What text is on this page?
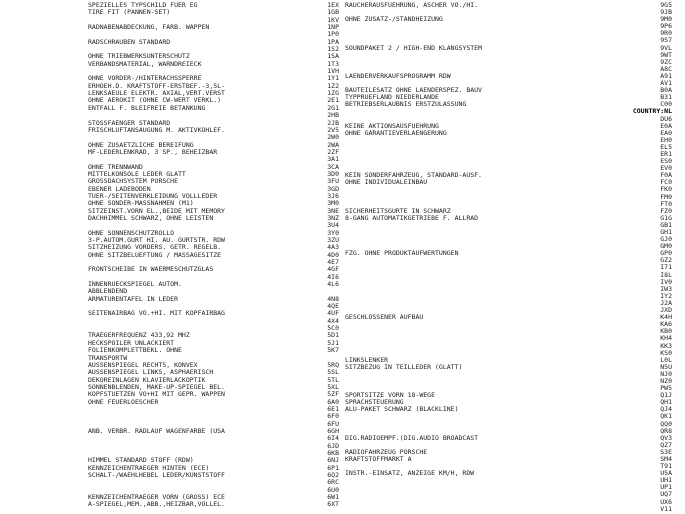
SPEZIELLES TYPSCHILD FUER EG	1EX
TIRE FIT (PANNEN-SET)	1GB
1KV
RADNABENABDECKUNG, FARB. WAPPEN	1NP
1P0
RADSCHRAUBEN STANDARD	1PA
1S2
OHNE TRIEBWERKSUNTERSCHUTZ	1SA
VERBANDSMATERIAL, WARNDREIECK	1T3
1VH
OHNE VORDER-/HINTERACHSSPERRE	1Y1
ERHOEH.D. KRAFTSTOFF-ERSTBEF.-3,5L-	1Z2
LENKSAEULE ELEKTR. AXIAL,VERT.VERST	1ZG
OHNE AEROKIT (OHNE CW-WERT VERKL.)	2E1
ENTFALL F. BLEIFREIE BETANKUNG	2G1
2HB
STOSSFAENGER STANDARD	2JB
FRISCHLUFTANSAUGUNG M. AKTIVKOHLEF.	2V5
2W0
OHNE ZUSAETZLICHE BEREIFUNG	2WA
MF-LEDERLENKRAD, 3 SP., BEHEIZBAR	2ZF
3A1
OHNE TRENNWAND	3CA
MITTELKONSOLE LEDER GLATT	3D0
GROSSDACHSYSTEM PORSCHE	3FU
EBENER LADEBODEN	3GD
TUER-/SEITENVERKLEIDUNG VOLLLEDER	3J6
OHNE SONDER-MASSNAHMEN (M1)	3M0
SITZEINST.VORN EL.,BEIDE MIT MEMORY	3NE
DACHHIMMEL SCHWARZ, OHNE LEISTEN	3NZ
3U4
OHNE SONNENSCHUTZROLLO	3Y0
3-P.AUTOM.GURT HI. AU. GURTSTR. RDW	3ZU
SITZHEIZUNG VORDERS. GETR. REGELB.	4A3
OHNE SITZBELUEFTUNG / MASSAGESITZE	4D0
4E7
FRONTSCHEIBE IN WAERMESCHUTZGLAS	4GF
4I6
INNENRUECKSPIEGEL AUTOM.	4L6
ABBLENDEND
ARMATURENTAFEL IN LEDER	4N8
4QE
SEITENAIRBAG VO.+HI. MIT KOPFAIRBAG	4UF
4X4
5C0
TRAEGERFREQUENZ 433,92 MHZ	5D1
HECKSPOILER UNLACKIERT	5J1
FOLIENKOMPLETTBEKL. OHNE	5K7
TRANSPORTW
AUSSENSPIEGEL RECHTS, KONVEX	5RQ
AUSSENSPIEGEL LINKS, ASPHAERISCH	5SL
DEKOREINLAGEN KLAVIERLACKOPTIK	5TL
SONNENBLENDEN, MAKE-UP-SPIEGEL BEL.	5XL
KOPFSTUETZEN VO+HI MIT GEPR. WAPPEN	5ZF
OHNE FEUERLOESCHER	6A0
6E1
6F0
6FU
ANB. VERBR. RADLAUF WAGENFARBE (USA	6GH
6I4
6JD
6KB
HIMMEL STANDARD STOFF (RDW)	6NJ
KENNZEICHENTRAEGER HINTEN (ECE)	6P1
SCHALT-/WAEHLHEBEL LEDER/KUNSTSTOFF	6Q2
6RC
6U0
KENNZEICHENTRAEGER VORN (GROSS) ECE	6W1
A-SPIEGEL,MEM.,ABB.,HEIZBAR,VOLLEL.	6XT
RAUCHERAUSFUEHRUNG, ASCHER VO./HI.	9G5
9JB
OHNE ZUSATZ-/STANDHEIZUNG	9M0
9P6
9R0
9S7
SOUNDPAKET 2 / HIGH-END KLANGSYSTEM	9VL
9WT
9ZC
A8C
LAENDERVERKAUFSPROGRAMM RDW	A91
AV1
BAUTEILESATZ OHNE LAENDERSPEZ. BAUV	B0A
TYPPRUEFLAND NIEDERLANDE	B31
BETRIEBSERLAUBNIS ERSTZULASSUNG	C00
COUNTRY:NL
DU6
KEINE AKTIONSAUSFUEHRUNG	E0A
OHNE GARANTIEVERLAENGERUNG	EA0
EH0
EL5
ER1
ES0
EV0
KEIN SONDERFAHRZEUG, STANDARD-AUSF.	F0A
OHNE INDIVIDUALEINBAU	FC0
FK0
FM0
FT0
SICHERHEITSGURTE IN SCHWARZ	FZ0
8-GANG AUTOMATIKGETRIEBE F. ALLRAD	G1G
GB1
GH1
GJ0
GM0
FZG. OHNE PRODUKTAUFWERTUNGEN	GP0
GZ2
I71
I8L
IV0
IW3
IY2
J2A
JXD
GESCHLOSSENER AUFBAU	K4H
KA6
KB0
KH4
KK3
KS0
LINKSLENKER	L0L
SITZBEZUG IN TEILLEDER (GLATT)	N5U
NJ0
NZ0
PW5
SPORTSITZE VORN 18-WEGE	Q1J
SPRACHSTEUERUNG	QH1
ALU-PAKET SCHWARZ (BLACKLINE)	QJ4
QK1
QQ0
QR8
DIG.RADIOEMPF.(DIG.AUDIO BROADCAST	QV3
QZ7
RADIOFAHRZEUG PORSCHE	S3E
KRAFTSTOFFMARKT A	SM4
T91
INSTR.-EINSATZ, ANZEIGE KM/H, RDW	U5A
UH1
UP1
UQ7
UX6
V11
